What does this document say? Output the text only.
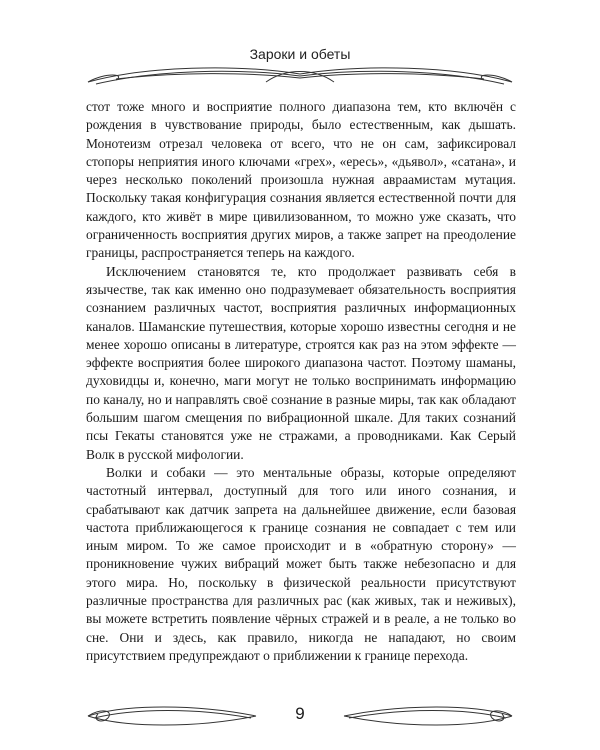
Зароки и обеты

стот тоже много и восприятие полного диапазона тем, кто включён с рождения в чувствование природы, было естественным, как дышать. Монотеизм отрезал человека от всего, что не он сам, зафиксировал стопоры неприятия иного ключами «грех», «ересь», «дьявол», «сатана», и через несколько поколений произошла нужная авраамистам мутация. Поскольку такая конфигурация сознания является естественной почти для каждого, кто живёт в мире цивилизованном, то можно уже сказать, что ограниченность восприятия других миров, а также запрет на преодоление границы, распространяется теперь на каждого.

Исключением становятся те, кто продолжает развивать себя в язычестве, так как именно оно подразумевает обязательность восприятия сознанием различных частот, восприятия различных информационных каналов. Шаманские путешествия, которые хорошо известны сегодня и не менее хорошо описаны в литературе, строятся как раз на этом эффекте — эффекте восприятия более широкого диапазона частот. Поэтому шаманы, духовидцы и, конечно, маги могут не только воспринимать информацию по каналу, но и направлять своё сознание в разные миры, так как обладают большим шагом смещения по вибрационной шкале. Для таких сознаний псы Гекаты становятся уже не стражами, а проводниками. Как Серый Волк в русской мифологии.

Волки и собаки — это ментальные образы, которые определяют частотный интервал, доступный для того или иного сознания, и срабатывают как датчик запрета на дальнейшее движение, если базовая частота приближающегося к границе сознания не совпадает с тем или иным миром. То же самое происходит и в «обратную сторону» — проникновение чужих вибраций может быть также небезопасно и для этого мира. Но, поскольку в физической реальности присутствуют различные пространства для различных рас (как живых, так и неживых), вы можете встретить появление чёрных стражей и в реале, а не только во сне. Они и здесь, как правило, никогда не нападают, но своим присутствием предупреждают о приближении к границе перехода.

9
